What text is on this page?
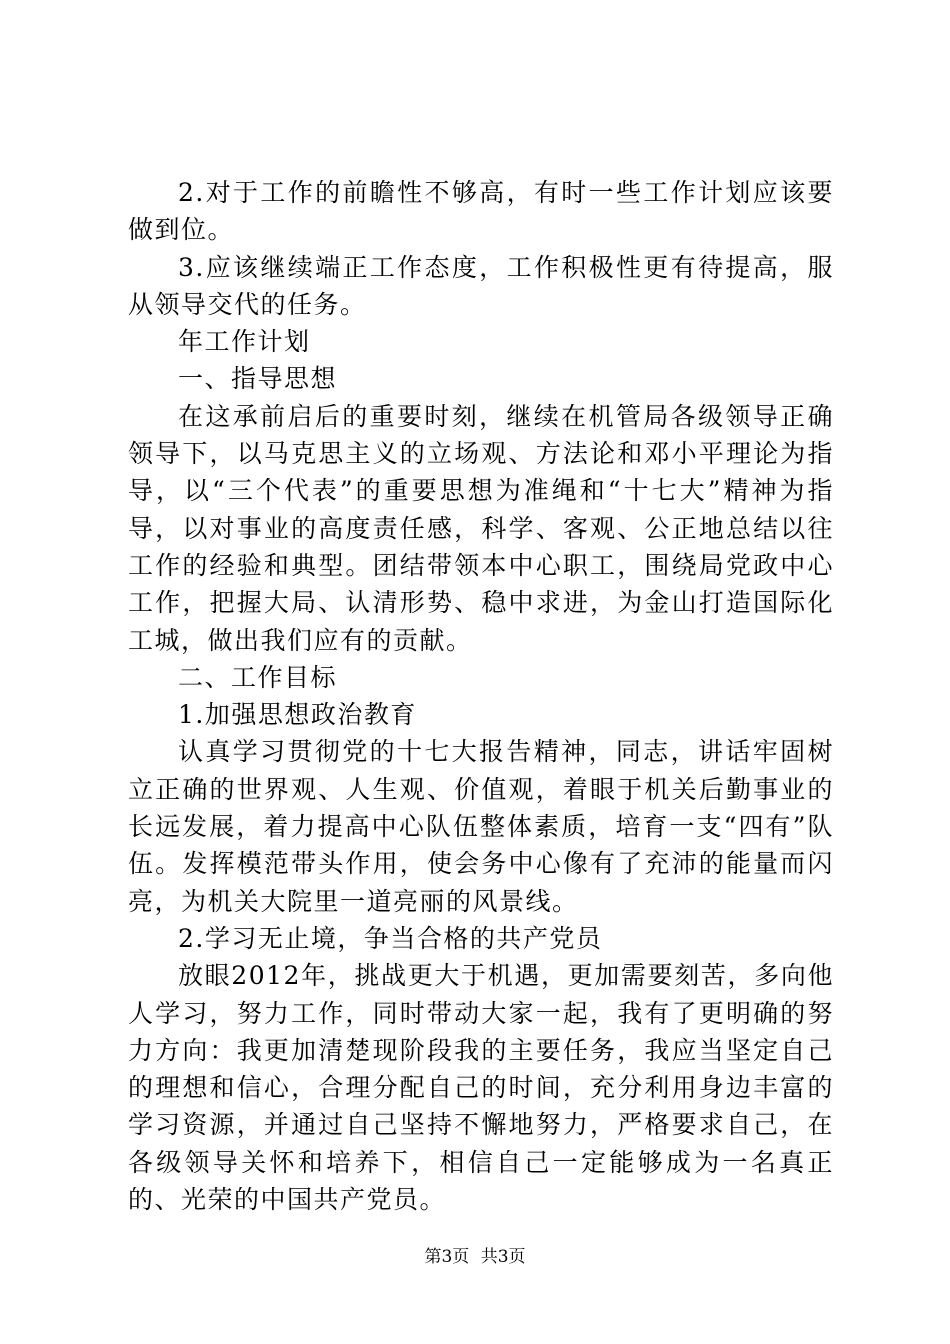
2.对于工作的前瞻性不够高，有时一些工作计划应该要做到位。

3.应该继续端正工作态度，工作积极性更有待提高，服从领导交代的任务。

年工作计划

一、指导思想

在这承前启后的重要时刻，继续在机管局各级领导正确领导下，以马克思主义的立场观、方法论和邓小平理论为指导，以“三个代表”的重要思想为准绳和“十七大”精神为指导，以对事业的高度责任感，科学、客观、公正地总结以往工作的经验和典型。团结带领本中心职工，围绕局党政中心工作，把握大局、认清形势、稳中求进，为金山打造国际化工城，做出我们应有的贡献。

二、工作目标

1.加强思想政治教育

认真学习贯彻党的十七大报告精神，同志，讲话牢固树立正确的世界观、人生观、价值观，着眼于机关后勤事业的长远发展，着力提高中心队伍整体素质，培育一支“四有”队伍。发挥模范带头作用，使会务中心像有了充沛的能量而闪亮，为机关大院里一道亮丽的风景线。

2.学习无止境，争当合格的共产党员

放眼2012年，挑战更大于机遇，更加需要刻苦，多向他人学习，努力工作，同时带动大家一起，我有了更明确的努力方向：我更加清楚现阶段我的主要任务，我应当坚定自己的理想和信心，合理分配自己的时间，充分利用身边丰富的学习资源，并通过自己坚持不懈地努力，严格要求自己，在各级领导关怀和培养下，相信自己一定能够成为一名真正的、光荣的中国共产党员。

第3页 共3页
